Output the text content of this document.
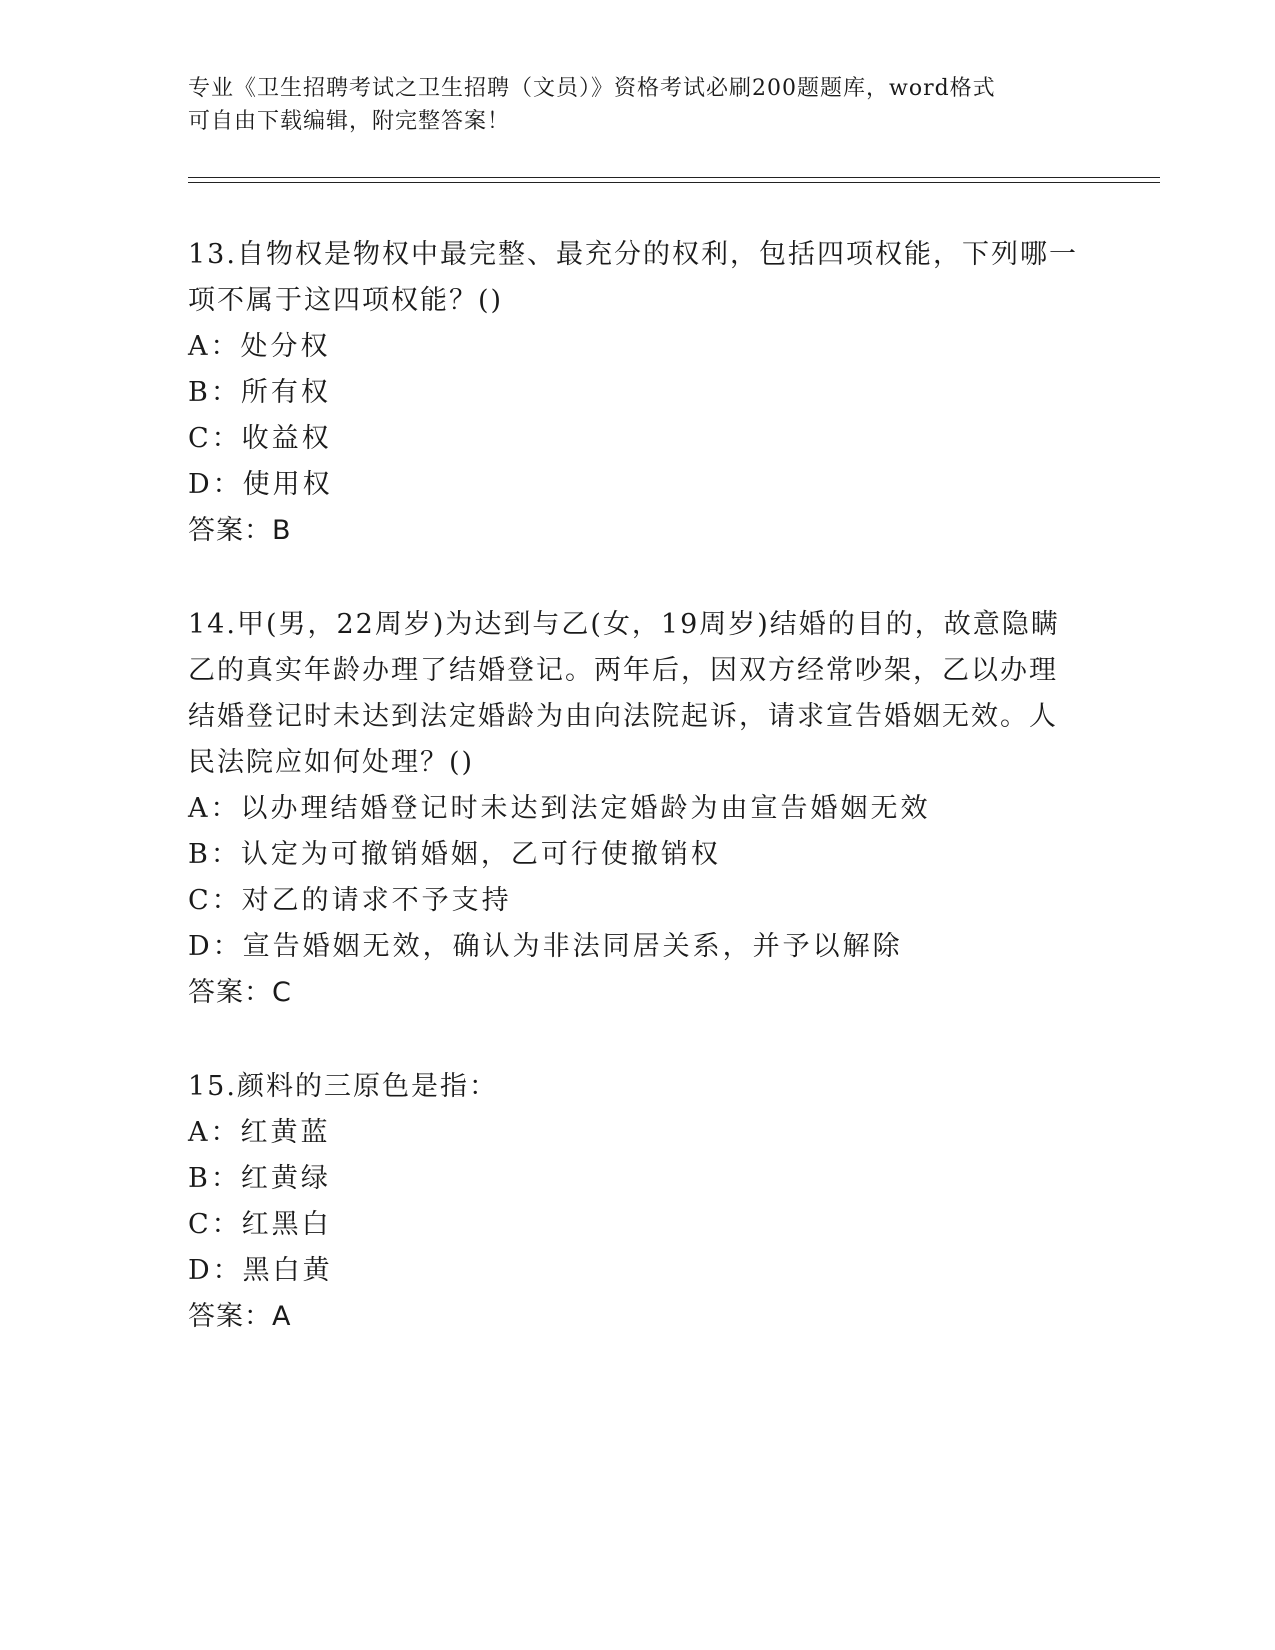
专业《卫生招聘考试之卫生招聘（文员）》资格考试必刷200题题库，word格式
可自由下载编辑，附完整答案！
13.自物权是物权中最完整、最充分的权利，包括四项权能，下列哪一
项不属于这四项权能？()
A：处分权
B：所有权
C：收益权
D：使用权
答案：B
14.甲(男，22周岁)为达到与乙(女，19周岁)结婚的目的，故意隐瞒
乙的真实年龄办理了结婚登记。两年后，因双方经常吵架，乙以办理
结婚登记时未达到法定婚龄为由向法院起诉，请求宣告婚姻无效。人
民法院应如何处理？()
A：以办理结婚登记时未达到法定婚龄为由宣告婚姻无效
B：认定为可撤销婚姻，乙可行使撤销权
C：对乙的请求不予支持
D：宣告婚姻无效，确认为非法同居关系，并予以解除
答案：C
15.颜料的三原色是指：
A：红黄蓝
B：红黄绿
C：红黑白
D：黑白黄
答案：A
